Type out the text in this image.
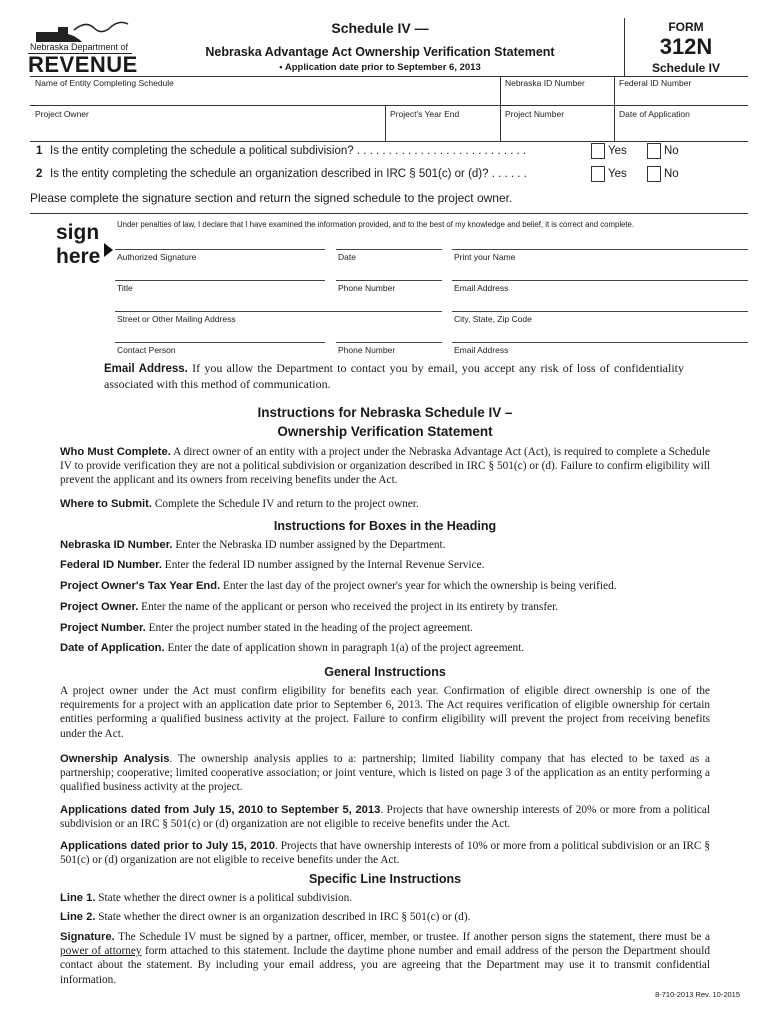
Nebraska Department of
REVENUE
Schedule IV —
Nebraska Advantage Act Ownership Verification Statement
• Application date prior to September 6, 2013
FORM
312N
Schedule IV
Name of Entity Completing Schedule	Nebraska ID Number	Federal ID Number
Project Owner	Project's Year End	Project Number	Date of Application
1 Is the entity completing the schedule a political subdivision? . . . . . . . . . . . . . . . . . . . . . . . . . . .	Yes	No
2 Is the entity completing the schedule an organization described in IRC § 501(c) or (d)? . . . . . .	Yes	No
Please complete the signature section and return the signed schedule to the project owner.
sign
here
Under penalties of law, I declare that I have examined the information provided, and to the best of my knowledge and belief, it is correct and complete.
Authorized Signature	Date	Print your Name
Title	Phone Number	Email Address
Street or Other Mailing Address	City, State, Zip Code
Contact Person	Phone Number	Email Address
Email Address. If you allow the Department to contact you by email, you accept any risk of loss of confidentiality associated with this method of communication.
Instructions for Nebraska Schedule IV –
Ownership Verification Statement
Who Must Complete. A direct owner of an entity with a project under the Nebraska Advantage Act (Act), is required to complete a Schedule IV to provide verification they are not a political subdivision or organization described in IRC § 501(c) or (d). Failure to confirm eligibility will prevent the applicant and its owners from receiving benefits under the Act.
Where to Submit. Complete the Schedule IV and return to the project owner.
Instructions for Boxes in the Heading
Nebraska ID Number. Enter the Nebraska ID number assigned by the Department.
Federal ID Number. Enter the federal ID number assigned by the Internal Revenue Service.
Project Owner's Tax Year End. Enter the last day of the project owner's year for which the ownership is being verified.
Project Owner. Enter the name of the applicant or person who received the project in its entirety by transfer.
Project Number. Enter the project number stated in the heading of the project agreement.
Date of Application. Enter the date of application shown in paragraph 1(a) of the project agreement.
General Instructions
A project owner under the Act must confirm eligibility for benefits each year. Confirmation of eligible direct ownership is one of the requirements for a project with an application date prior to September 6, 2013. The Act requires verification of eligible ownership for certain entities performing a qualified business activity at the project. Failure to confirm eligibility will prevent the project from receiving benefits under the Act.
Ownership Analysis. The ownership analysis applies to a: partnership; limited liability company that has elected to be taxed as a partnership; cooperative; limited cooperative association; or joint venture, which is listed on page 3 of the application as an entity performing a qualified business activity at the project.
Applications dated from July 15, 2010 to September 5, 2013. Projects that have ownership interests of 20% or more from a political subdivision or an IRC § 501(c) or (d) organization are not eligible to receive benefits under the Act.
Applications dated prior to July 15, 2010. Projects that have ownership interests of 10% or more from a political subdivision or an IRC § 501(c) or (d) organization are not eligible to receive benefits under the Act.
Specific Line Instructions
Line 1. State whether the direct owner is a political subdivision.
Line 2. State whether the direct owner is an organization described in IRC § 501(c) or (d).
Signature. The Schedule IV must be signed by a partner, officer, member, or trustee. If another person signs the statement, there must be a power of attorney form attached to this statement. Include the daytime phone number and email address of the person the Department should contact about the statement. By including your email address, you are agreeing that the Department may use it to transmit confidential information.
8-710-2013 Rev. 10-2015
